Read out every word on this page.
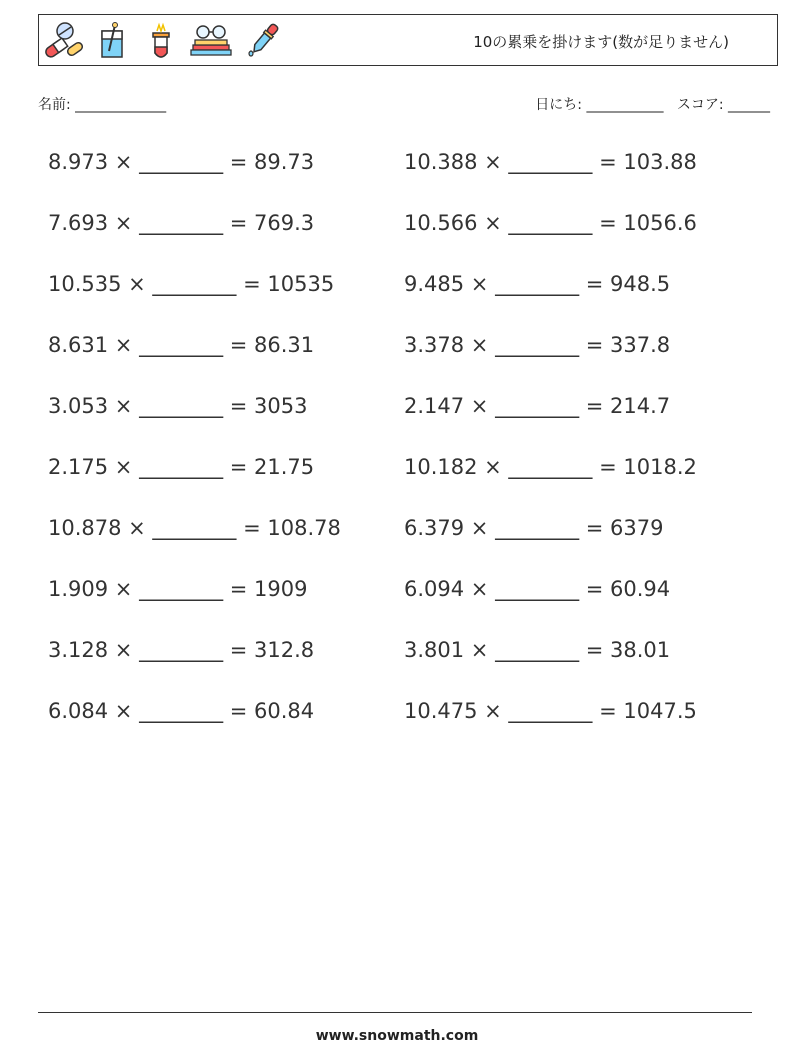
10の累乗を掛けます(数が足りません)
名前: _____________	日にち: ___________ スコア: ______
8.973 × ________ = 89.73	10.388 × ________ = 103.88
7.693 × ________ = 769.3	10.566 × ________ = 1056.6
10.535 × ________ = 10535	9.485 × ________ = 948.5
8.631 × ________ = 86.31	3.378 × ________ = 337.8
3.053 × ________ = 3053	2.147 × ________ = 214.7
2.175 × ________ = 21.75	10.182 × ________ = 1018.2
10.878 × ________ = 108.78	6.379 × ________ = 6379
1.909 × ________ = 1909	6.094 × ________ = 60.94
3.128 × ________ = 312.8	3.801 × ________ = 38.01
6.084 × ________ = 60.84	10.475 × ________ = 1047.5
www.snowmath.com
